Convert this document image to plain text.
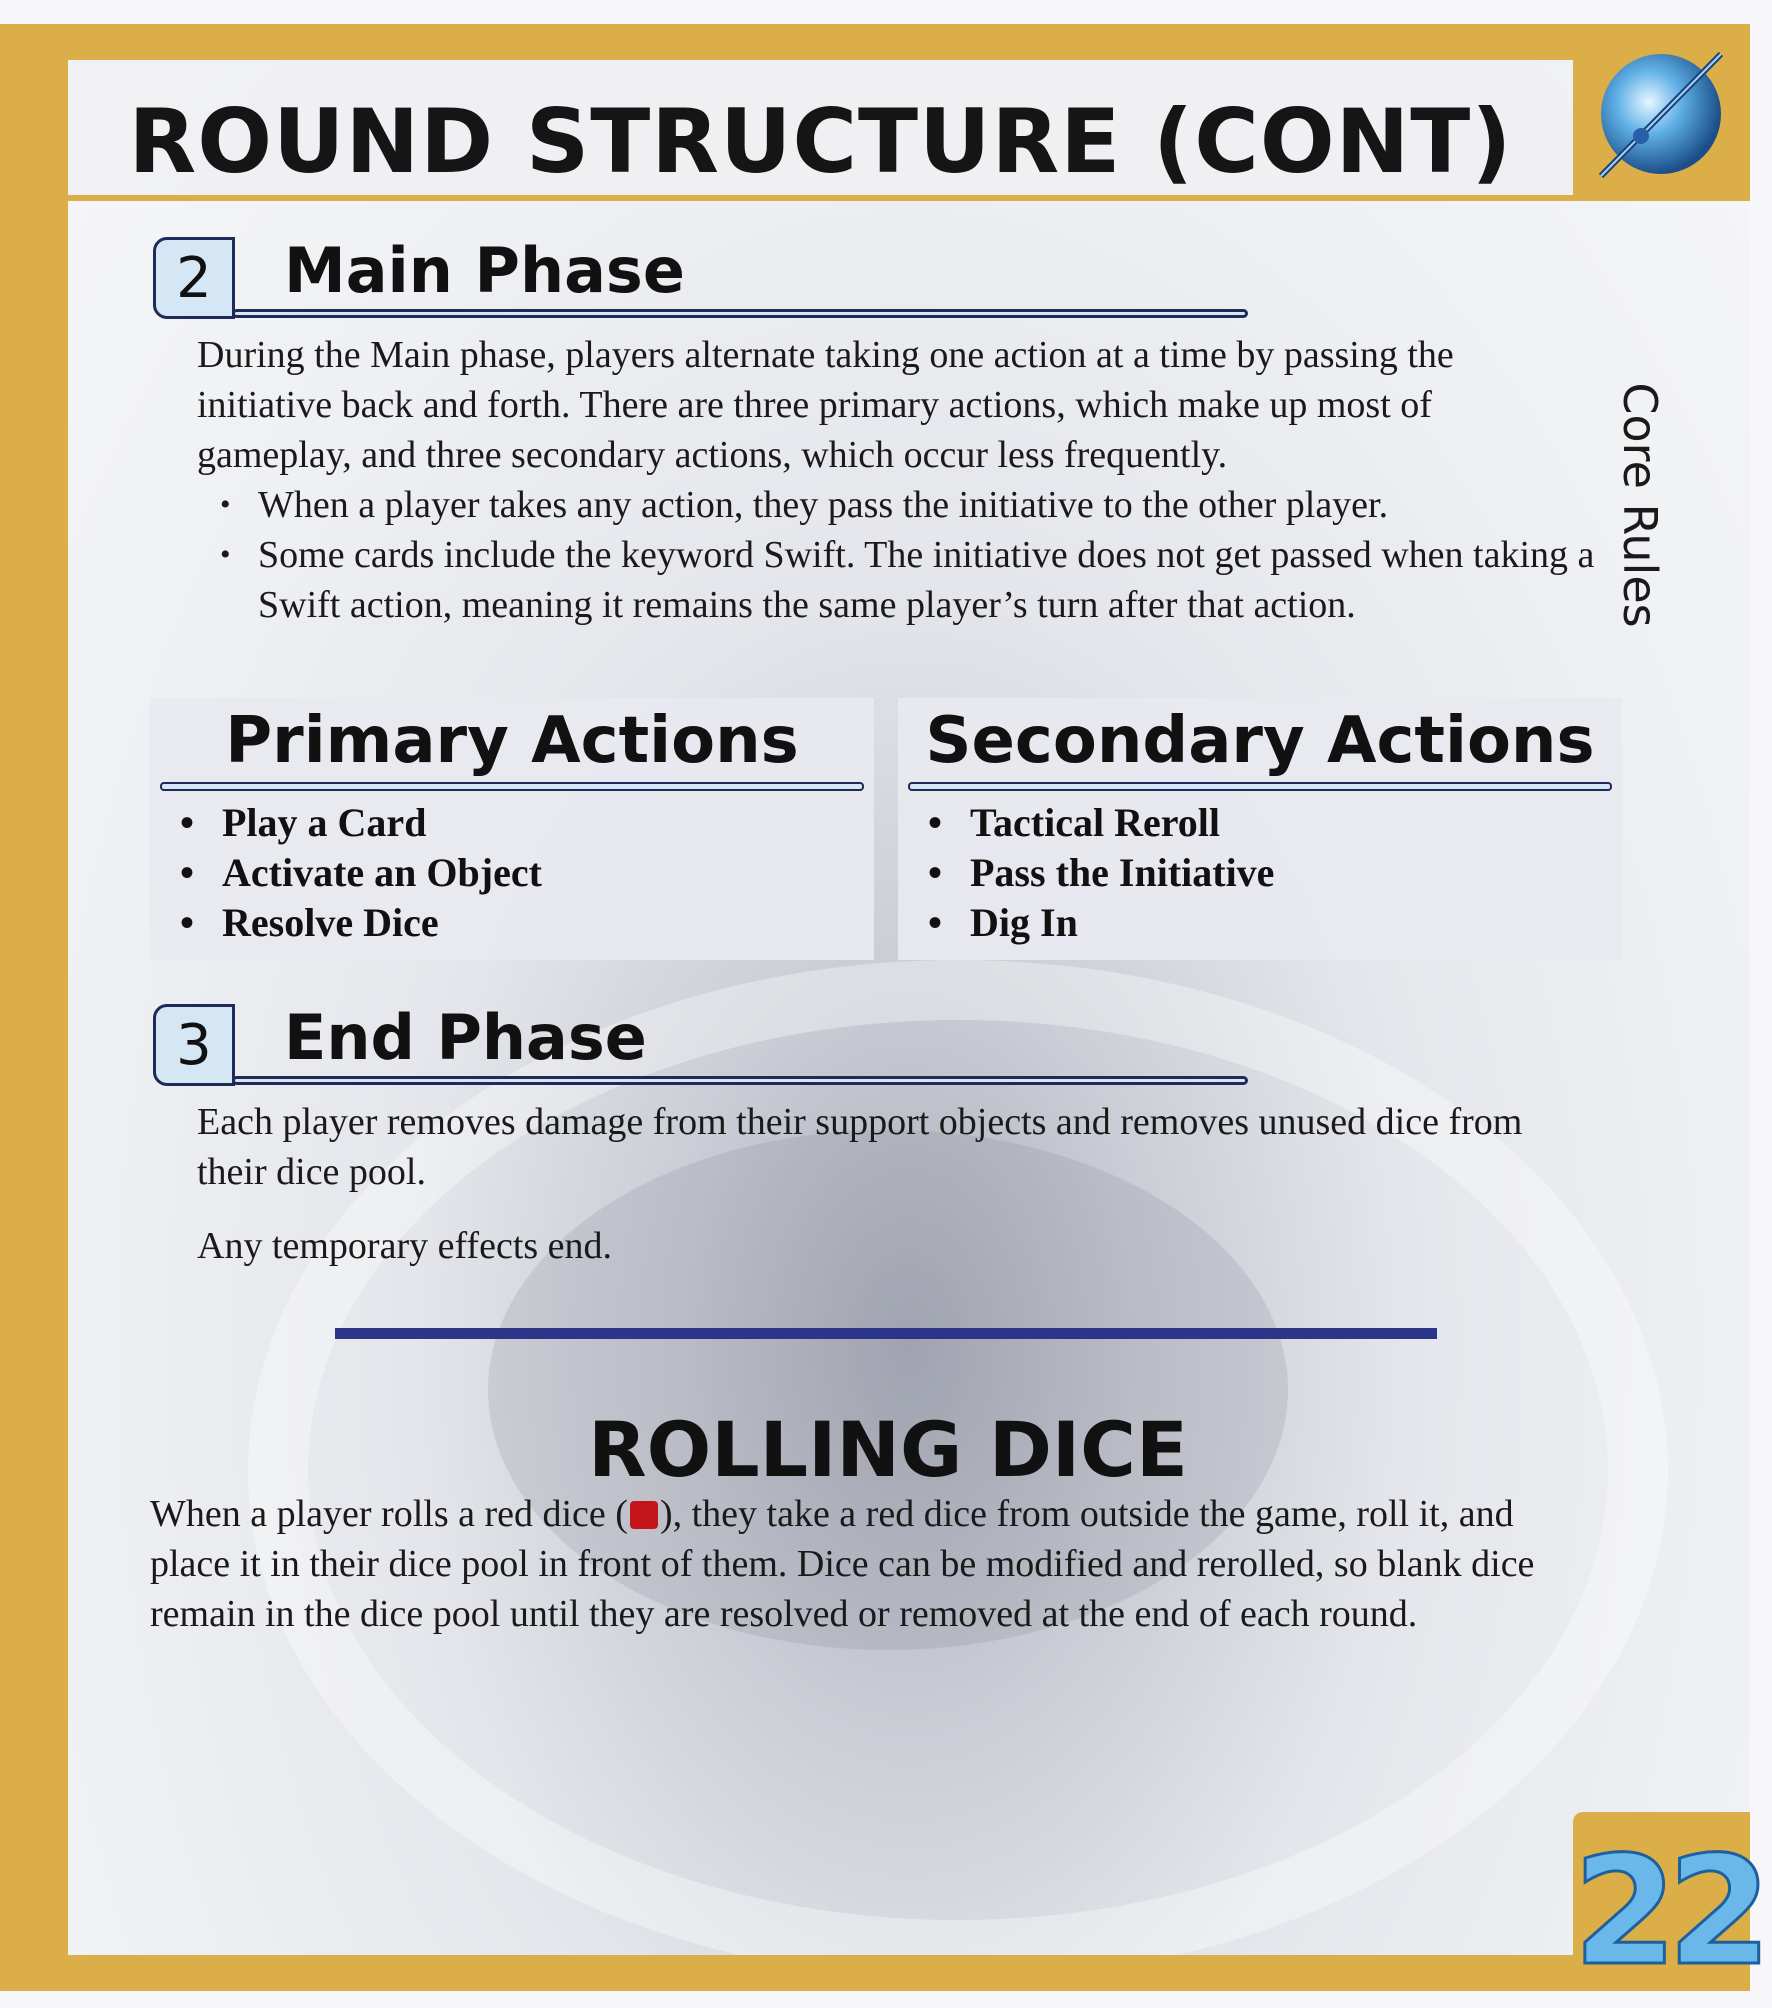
ROUND STRUCTURE (CONT)
Core Rules
2	Main Phase

During the Main phase, players alternate taking one action at a time by passing the initiative back and forth. There are three primary actions, which make up most of gameplay, and three secondary actions, which occur less frequently.

• When a player takes any action, they pass the initiative to the other player.
• Some cards include the keyword Swift. The initiative does not get passed when taking a Swift action, meaning it remains the same player’s turn after that action.
Primary Actions
• Play a Card
• Activate an Object
• Resolve Dice
Secondary Actions
• Tactical Reroll
• Pass the Initiative
• Dig In
3	End Phase

Each player removes damage from their support objects and removes unused dice from their dice pool.

Any temporary effects end.

ROLLING DICE

When a player rolls a red dice ( ), they take a red dice from outside the game, roll it, and place it in their dice pool in front of them. Dice can be modified and rerolled, so blank dice remain in the dice pool until they are resolved or removed at the end of each round.

22
